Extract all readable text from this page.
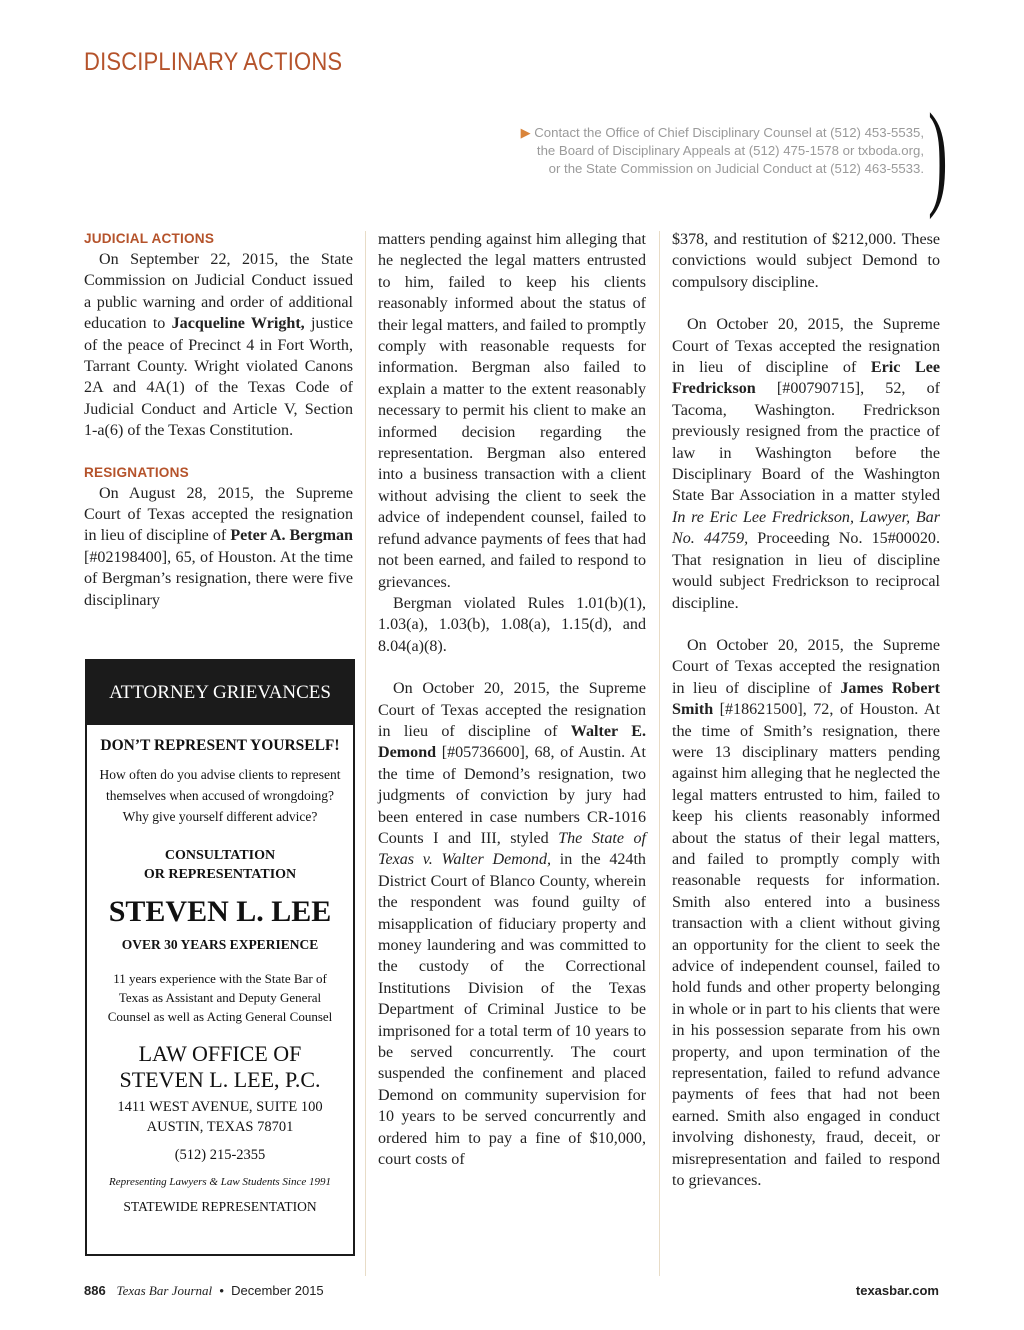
DISCIPLINARY ACTIONS
▶ Contact the Office of Chief Disciplinary Counsel at (512) 453-5535,
the Board of Disciplinary Appeals at (512) 475-1578 or txboda.org,
or the State Commission on Judicial Conduct at (512) 463-5533. )
JUDICIAL ACTIONS

On September 22, 2015, the State Commission on Judicial Conduct issued a public warning and order of additional education to Jacqueline Wright, justice of the peace of Precinct 4 in Fort Worth, Tarrant County. Wright violated Canons 2A and 4A(1) of the Texas Code of Judicial Conduct and Article V, Section 1-a(6) of the Texas Constitution.

RESIGNATIONS

On August 28, 2015, the Supreme Court of Texas accepted the resignation in lieu of discipline of Peter A. Bergman [#02198400], 65, of Houston. At the time of Bergman’s resignation, there were five disciplinary

ATTORNEY GRIEVANCES
DON’T REPRESENT YOURSELF!
How often do you advise clients to represent
themselves when accused of wrongdoing?
Why give yourself different advice?
CONSULTATION
OR REPRESENTATION
STEVEN L. LEE
OVER 30 YEARS EXPERIENCE
11 years experience with the State Bar of
Texas as Assistant and Deputy General
Counsel as well as Acting General Counsel
LAW OFFICE OF
STEVEN L. LEE, P.C.
1411 WEST AVENUE, SUITE 100
AUSTIN, TEXAS 78701
(512) 215-2355
Representing Lawyers & Law Students Since 1991
STATEWIDE REPRESENTATION

matters pending against him alleging that he neglected the legal matters entrusted to him, failed to keep his clients reasonably informed about the status of their legal matters, and failed to promptly comply with reasonable requests for information. Bergman also failed to explain a matter to the extent reasonably necessary to permit his client to make an informed decision regarding the representation. Bergman also entered into a business transaction with a client without advising the client to seek the advice of independent counsel, failed to refund advance payments of fees that had not been earned, and failed to respond to grievances.

Bergman violated Rules 1.01(b)(1), 1.03(a), 1.03(b), 1.08(a), 1.15(d), and 8.04(a)(8).

On October 20, 2015, the Supreme Court of Texas accepted the resignation in lieu of discipline of Walter E. Demond [#05736600], 68, of Austin. At the time of Demond’s resignation, two judgments of conviction by jury had been entered in case numbers CR-1016 Counts I and III, styled The State of Texas v. Walter Demond, in the 424th District Court of Blanco County, wherein the respondent was found guilty of misapplication of fiduciary property and money laundering and was committed to the custody of the Correctional Institutions Division of the Texas Department of Criminal Justice to be imprisoned for a total term of 10 years to be served concurrently. The court suspended the confinement and placed Demond on community supervision for 10 years to be served concurrently and ordered him to pay a fine of $10,000, court costs of

$378, and restitution of $212,000. These convictions would subject Demond to compulsory discipline.

On October 20, 2015, the Supreme Court of Texas accepted the resignation in lieu of discipline of Eric Lee Fredrickson [#00790715], 52, of Tacoma, Washington. Fredrickson previously resigned from the practice of law in Washington before the Disciplinary Board of the Washington State Bar Association in a matter styled In re Eric Lee Fredrickson, Lawyer, Bar No. 44759, Proceeding No. 15#00020. That resignation in lieu of discipline would subject Fredrickson to reciprocal discipline.

On October 20, 2015, the Supreme Court of Texas accepted the resignation in lieu of discipline of James Robert Smith [#18621500], 72, of Houston. At the time of Smith’s resignation, there were 13 disciplinary matters pending against him alleging that he neglected the legal matters entrusted to him, failed to keep his clients reasonably informed about the status of their legal matters, and failed to promptly comply with reasonable requests for information. Smith also entered into a business transaction with a client without giving an opportunity for the client to seek the advice of independent counsel, failed to hold funds and other property belonging in whole or in part to his clients that were in his possession separate from his own property, and upon termination of the representation, failed to refund advance payments of fees that had not been earned. Smith also engaged in conduct involving dishonesty, fraud, deceit, or misrepresentation and failed to respond to grievances.

886 Texas Bar Journal • December 2015	texasbar.com
